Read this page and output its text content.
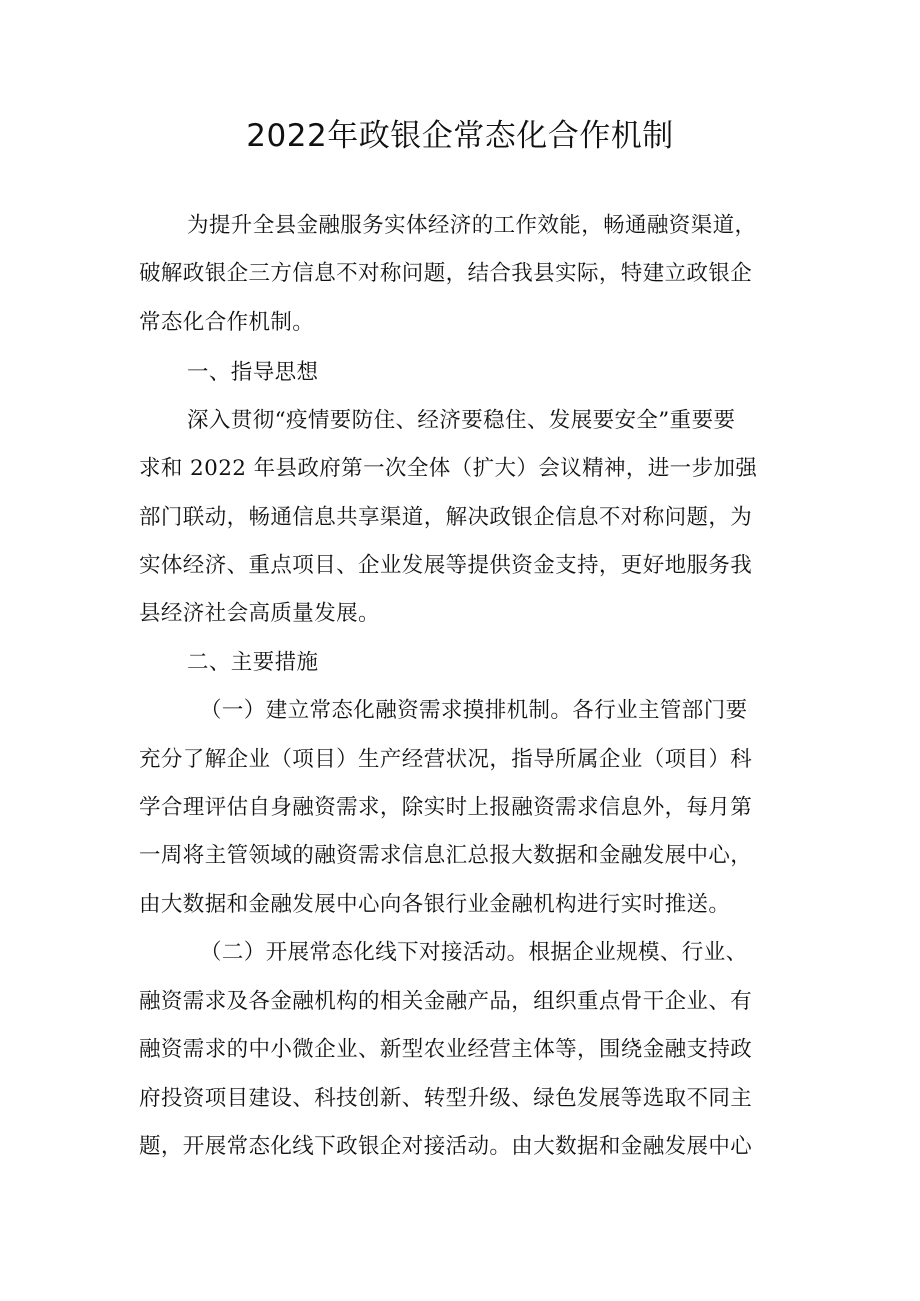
2022年政银企常态化合作机制
为提升全县金融服务实体经济的工作效能，畅通融资渠道，
破解政银企三方信息不对称问题，结合我县实际，特建立政银企
常态化合作机制。
一、指导思想
深入贯彻“疫情要防住、经济要稳住、发展要安全”重要要
求和 2022 年县政府第一次全体（扩大）会议精神，进一步加强
部门联动，畅通信息共享渠道，解决政银企信息不对称问题，为
实体经济、重点项目、企业发展等提供资金支持，更好地服务我
县经济社会高质量发展。
二、主要措施
（一）建立常态化融资需求摸排机制。各行业主管部门要
充分了解企业（项目）生产经营状况，指导所属企业（项目）科
学合理评估自身融资需求，除实时上报融资需求信息外，每月第
一周将主管领域的融资需求信息汇总报大数据和金融发展中心，
由大数据和金融发展中心向各银行业金融机构进行实时推送。
（二）开展常态化线下对接活动。根据企业规模、行业、
融资需求及各金融机构的相关金融产品，组织重点骨干企业、有
融资需求的中小微企业、新型农业经营主体等，围绕金融支持政
府投资项目建设、科技创新、转型升级、绿色发展等选取不同主
题，开展常态化线下政银企对接活动。由大数据和金融发展中心
